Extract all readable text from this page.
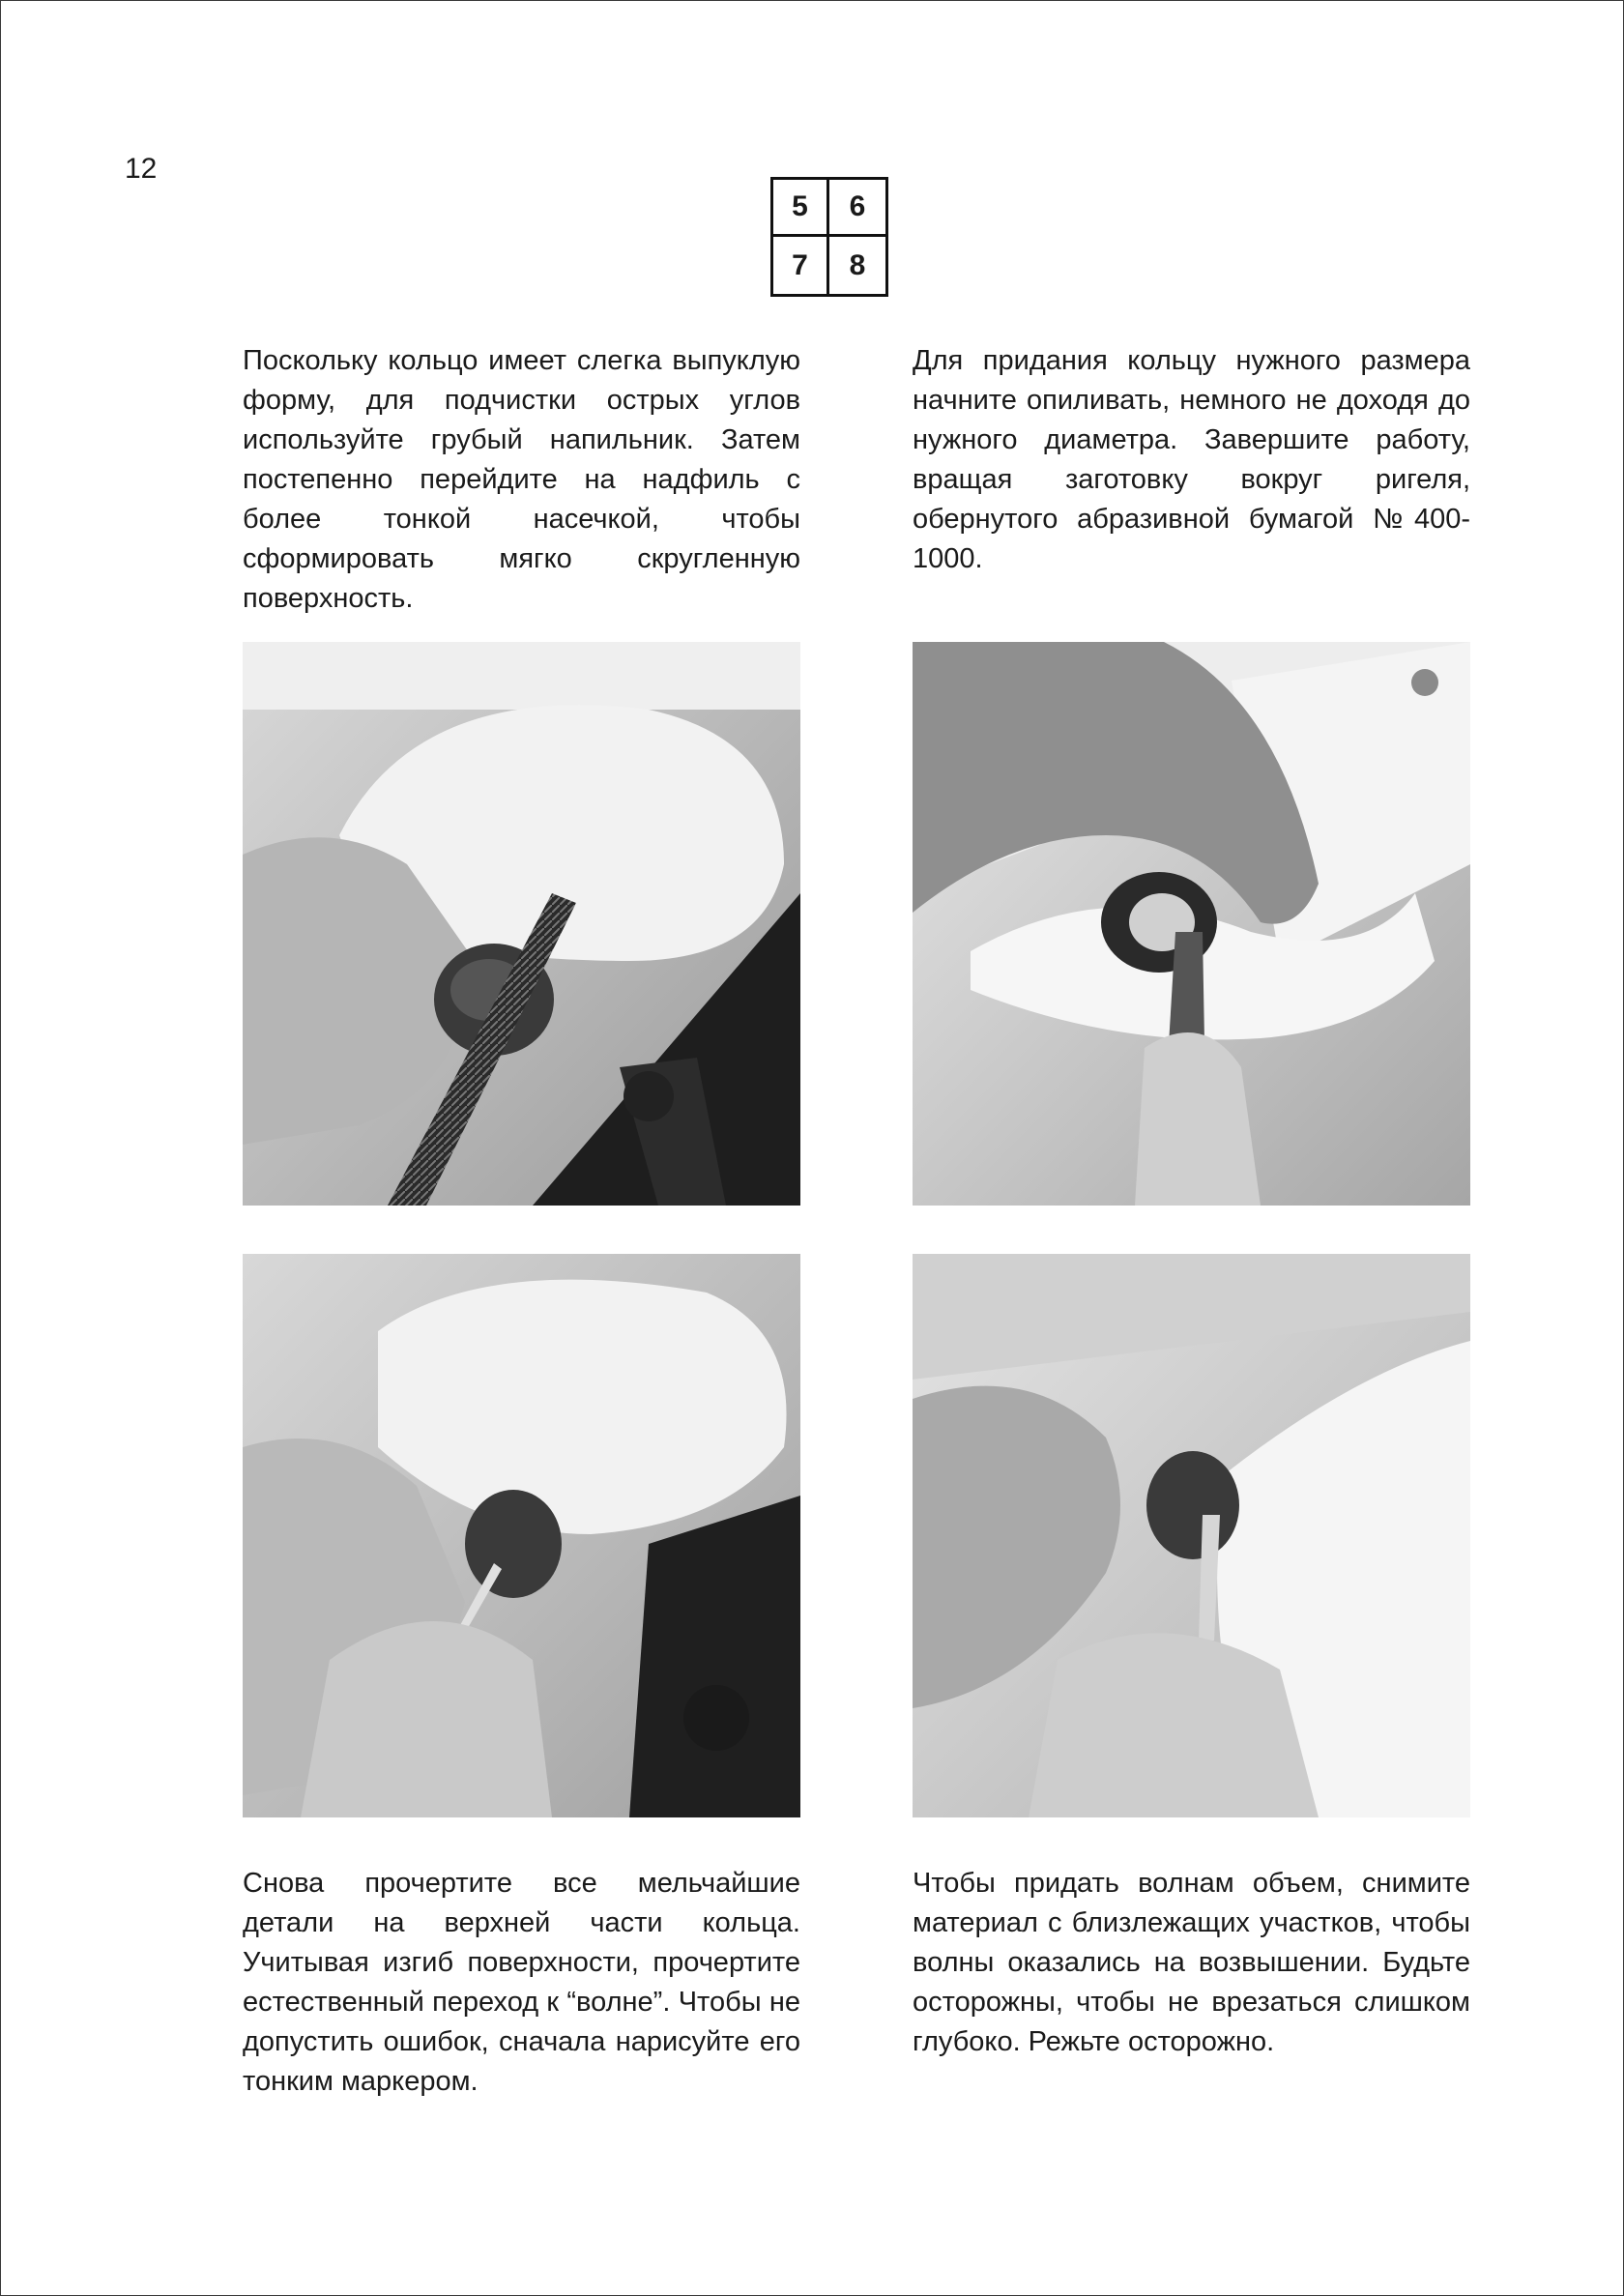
12
5	6
7	8

Поскольку кольцо имеет слегка выпуклую форму, для подчистки острых углов используйте грубый напильник. Затем постепенно перейдите на надфиль с более тонкой насечкой, чтобы сформировать мягко скругленную поверхность.

Для придания кольцу нужного размера начните опиливать, немного не доходя до нужного диаметра. Завершите работу, вращая заготовку вокруг ригеля, обернутого абразивной бумагой №400-1000.

Снова прочертите все мельчайшие детали на верхней части кольца. Учитывая изгиб поверхности, прочертите естественный переход к “волне”. Чтобы не допустить ошибок, сначала нарисуйте его тонким маркером.

Чтобы придать волнам объем, снимите материал с близлежащих участков, чтобы волны оказались на возвышении. Будьте осторожны, чтобы не врезаться слишком глубоко. Режьте осторожно.
